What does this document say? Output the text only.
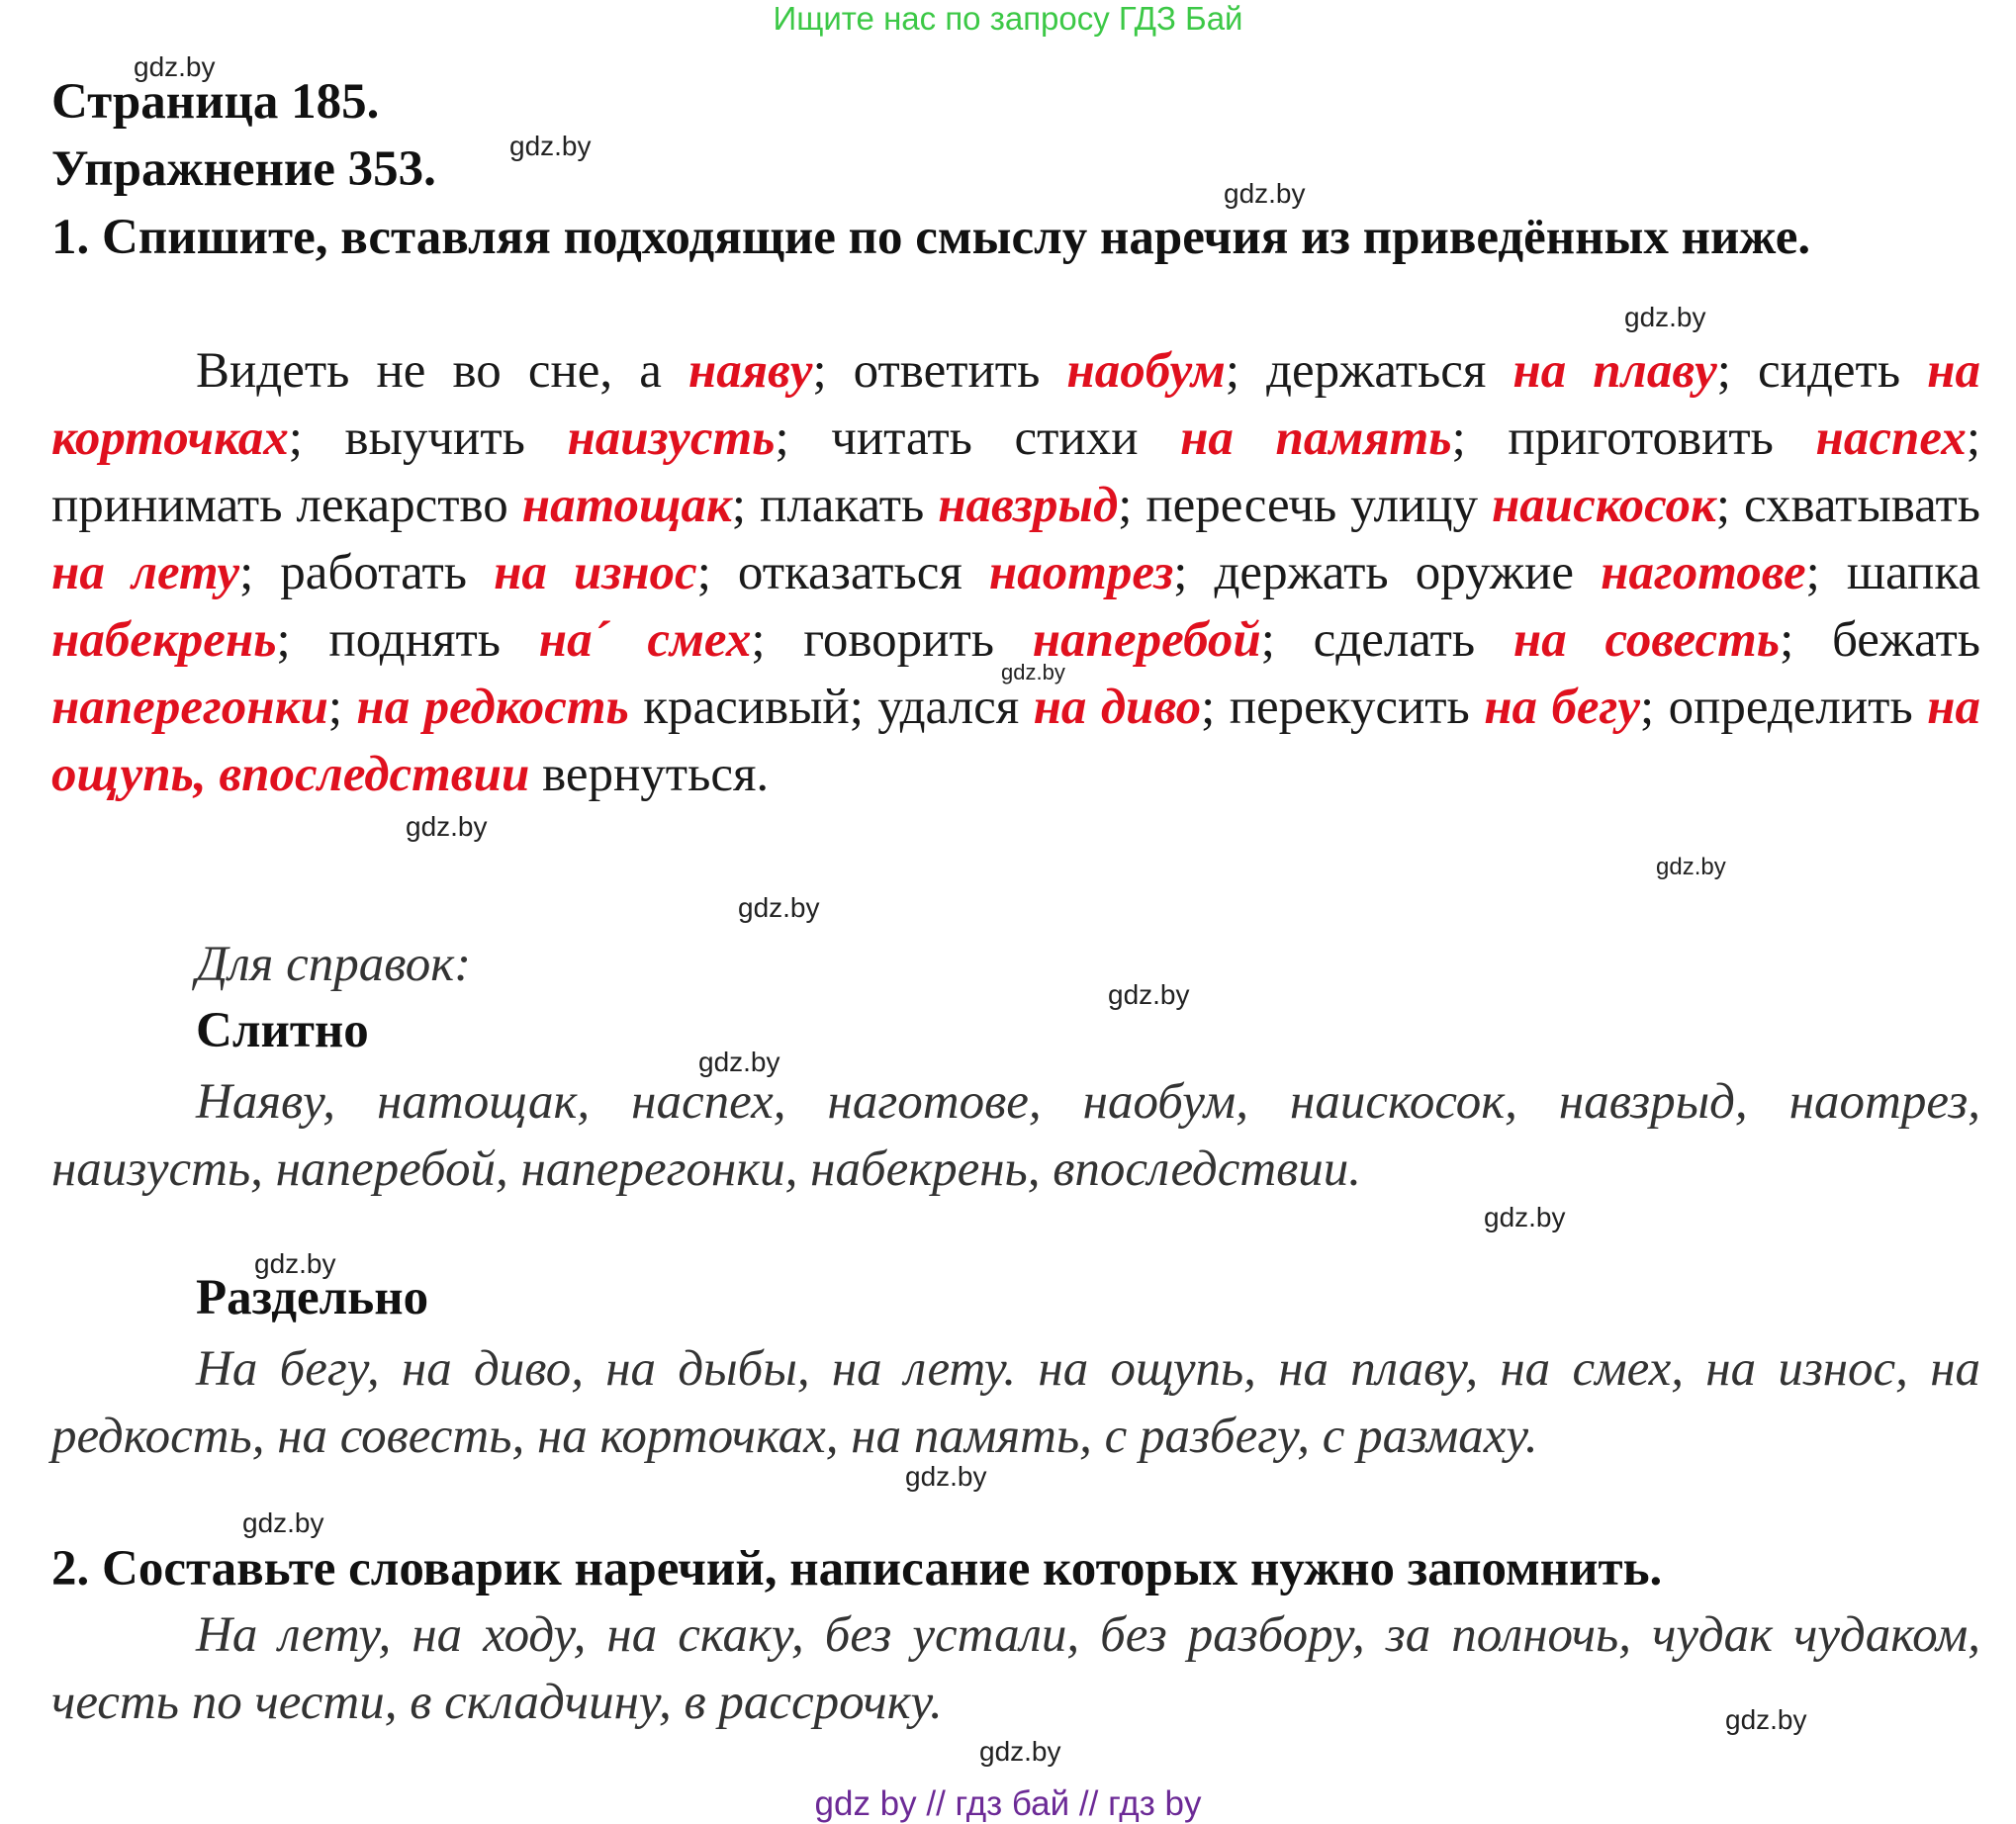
Ищите нас по запросу ГДЗ Бай
gdz.by
gdz.by
gdz.by
gdz.by
gdz.by
gdz.by
gdz.by
gdz.by
gdz.by
gdz.by
gdz.by
gdz.by
gdz.by
gdz.by
gdz.by
gdz.by
Страница 185.
Упражнение 353.
1. Спишите, вставляя подходящие по смыслу наречия из приведённых ниже.
Видеть не во сне, а наяву; ответить наобум; держаться на плаву; сидеть на корточках; выучить наизусть; читать стихи на память; приготовить наспех; принимать лекарство натощак; плакать навзрыд; пересечь улицу наискосок; схватывать на лету; работать на износ; отказаться наотрез; держать оружие наготове; шапка набекрень; поднять на´ смех; говорить наперебой; сделать на совесть; бежать наперегонки; на редкость красивый; удался на диво; перекусить на бегу; определить на ощупь, впоследствии вернуться.
Для справок:
Слитно
Наяву, натощак, наспех, наготове, наобум, наискосок, навзрыд, наотрез, наизусть, наперебой, наперегонки, набекрень, впоследствии.
Раздельно
На бегу, на диво, на дыбы, на лету. на ощупь, на плаву, на смех, на износ, на редкость, на совесть, на корточках, на память, с разбегу, с размаху.
2. Составьте словарик наречий, написание которых нужно запомнить.
На лету, на ходу, на скаку, без устали, без разбору, за полночь, чудак чудаком, честь по чести, в складчину, в рассрочку.
gdz by // гдз бай // гдз by
